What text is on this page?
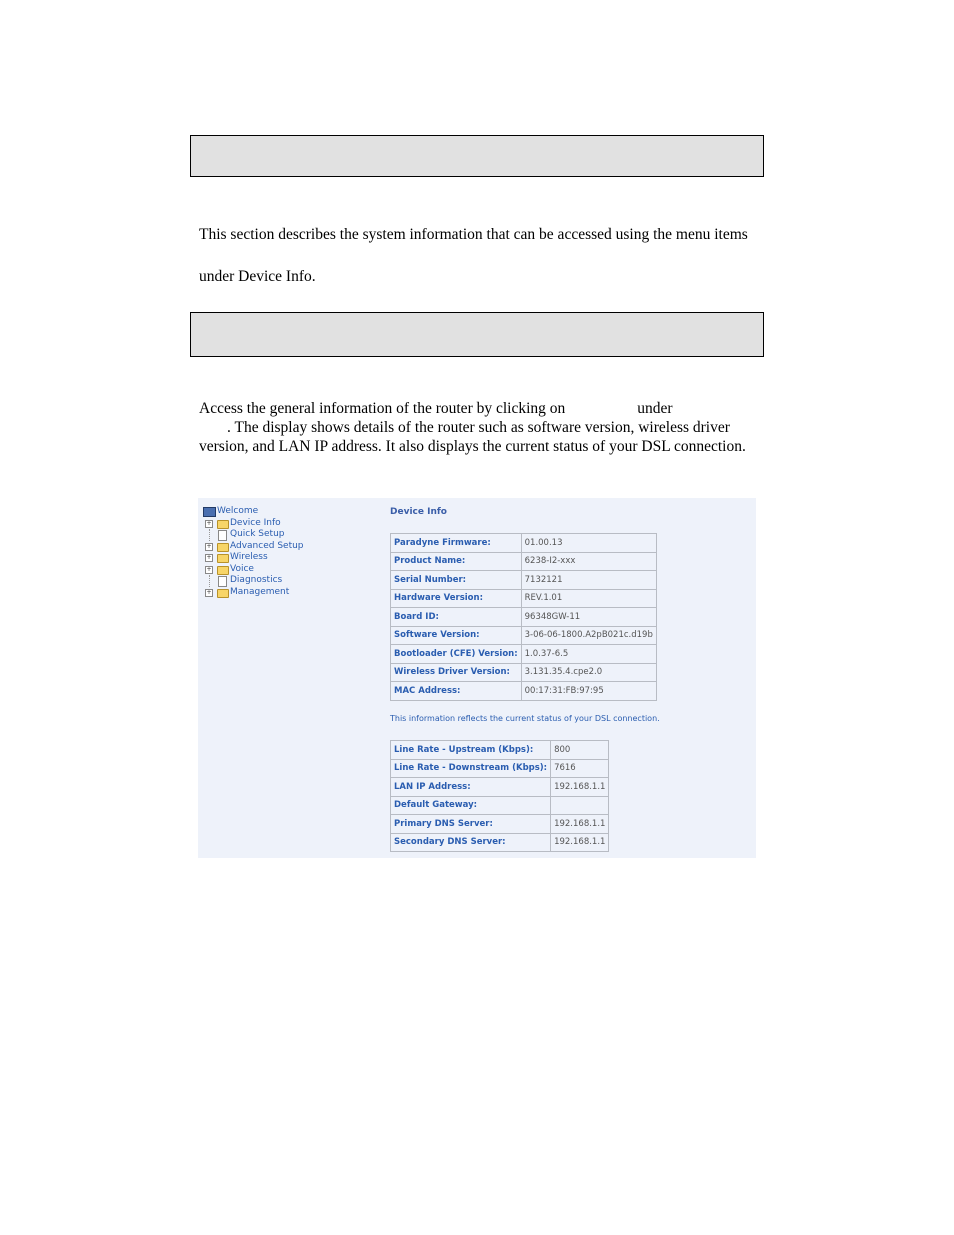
This section describes the system information that can be accessed using the menu items

under Device Info.

Access the general information of the router by clicking on	under
. The display shows details of the router such as software version, wireless driver version, and LAN IP address. It also displays the current status of your DSL connection.

Welcome
+ Device Info
Quick Setup
+ Advanced Setup
+ Wireless
+ Voice
Diagnostics
+ Management
Device Info
Paradyne Firmware:	01.00.13
Product Name:	6238-I2-xxx
Serial Number:	7132121
Hardware Version:	REV.1.01
Board ID:	96348GW-11
Software Version:	3-06-06-1800.A2pB021c.d19b
Bootloader (CFE) Version:	1.0.37-6.5
Wireless Driver Version:	3.131.35.4.cpe2.0
MAC Address:	00:17:31:FB:97:95
This information reflects the current status of your DSL connection.
Line Rate - Upstream (Kbps):	800
Line Rate - Downstream (Kbps):	7616
LAN IP Address:	192.168.1.1
Default Gateway:	
Primary DNS Server:	192.168.1.1
Secondary DNS Server:	192.168.1.1
